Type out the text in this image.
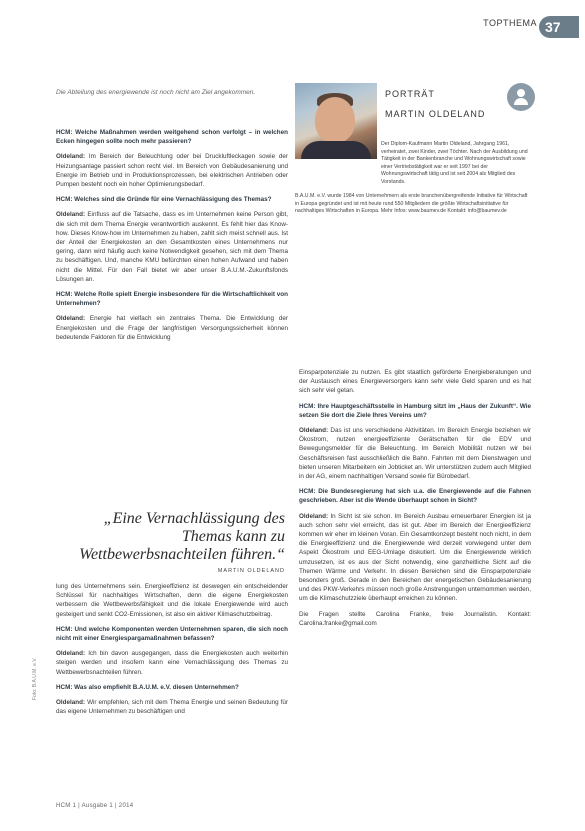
TOPTHEMA 37
Die Abteilung des energiewende ist noch nicht am Ziel angekommen.	PORTRÄT
MARTIN OLDELAND
Der Diplom-Kaufmann Martin Oldeland, Jahrgang 1961, verheiratet, zwei Kinder, zwei Töchter. Nach der Ausbildung und Tätigkeit in der Bankenbranche und Wohnungswirtschaft sowie einer Vertriebstätigkeit war er seit 1997 bei der Wohnungswirtschaft tätig und ist seit 2004 als Mitglied des Vorstands.
B.A.U.M. e.V. wurde 1984 von Unternehmern als erste branchenübergreifende Initiative für Wirtschaft in Europa gegründet und ist mit heute rund 550 Mitgliedern die größte Wirtschaftsinitiative für nachhaltiges Wirtschaften in Europa. Mehr Infos: www.baumev.de Kontakt: info@baumev.de

HCM: Welche Maßnahmen werden weitgehend schon verfolgt – in welchen Ecken hingegen sollte noch mehr passieren?

Oldeland: Im Bereich der Beleuchtung oder bei Druckluftleckagen sowie der Heizungsanlage passiert schon recht viel. Im Bereich von Gebäudesanierung und Energie im Betrieb und in Produktionsprozessen, bei elektrischen Antrieben oder Pumpen besteht noch ein hoher Optimierungsbedarf.

HCM: Welches sind die Gründe für eine Vernachlässigung des Themas?

Oldeland: Einfluss auf die Tatsache, dass es im Unternehmen keine Person gibt, die sich mit dem Thema Energie verantwortlich auskennt. Es fehlt hier das Know-how. Dieses Know-how im Unternehmen zu haben, zahlt sich meist schnell aus. Ist der Anteil der Energiekosten an den Gesamtkosten eines Unternehmens nur gering, dann wird häufig auch keine Notwendigkeit gesehen, sich mit dem Thema zu beschäftigen. Und, manche KMU befürchten einen hohen Aufwand und haben nicht die Mittel. Für den Fall bietet wir aber unser B.A.U.M.-Zukunftsfonds Lösungen an.

HCM: Welche Rolle spielt Energie insbesondere für die Wirtschaftlichkeit von Unternehmen?

Oldeland: Energie hat vielfach ein zentrales Thema. Die Entwicklung der Energiekosten und die Frage der langfristigen Versorgungssicherheit können bedeutende Faktoren für die Entwicklung

„Eine Vernachlässigung des Themas kann zu Wettbewerbsnachteilen führen.“
MARTIN OLDELAND

lung des Unternehmens sein. Energieeffizienz ist deswegen ein entscheidender Schlüssel für nachhaltiges Wirtschaften, denn die eigene Energiekosten verbessern die Wettbewerbsfähigkeit und die lokale Energiewende wird auch gesteigert und senkt CO2-Emissionen, ist also ein aktiver Klimaschutzbeitrag.

HCM: Und welche Komponenten werden Unternehmen sparen, die sich noch nicht mit einer Energiespargamaßnahmen befassen?

Oldeland: Ich bin davon ausgegangen, dass die Energiekosten auch weiterhin steigen werden und insofern kann eine Vernachlässigung des Themas zu Wettbewerbsnachteilen führen.

HCM: Was also empfiehlt B.A.U.M. e.V. diesen Unternehmen?

Oldeland: Wir empfehlen, sich mit dem Thema Energie und seinen Bedeutung für das eigene Unternehmen zu beschäftigen und

Einsparpotenziale zu nutzen. Es gibt staatlich geförderte Energieberatungen und der Austausch eines Energieversorgers kann sehr viele Geld sparen und es hat sich sehr viel getan.

HCM: Ihre Hauptgeschäftsstelle in Hamburg sitzt im „Haus der Zukunft“. Wie setzen Sie dort die Ziele Ihres Vereins um?

Oldeland: Das ist uns verschiedene Aktivitäten. Im Bereich Energie beziehen wir Ökostrom, nutzen energieeffiziente Gerätschaften für die EDV und Bewegungsmelder für die Beleuchtung. Im Bereich Mobilität nutzen wir bei Geschäftsreisen fast ausschließlich die Bahn. Fahrten mit dem Dienstwagen und bieten unseren Mitarbeitern ein Jobticket an. Wir unterstützen zudem auch Mitglied in der AG, einem nachhaltigen Versand sowie für Bürobedarf.

HCM: Die Bundesregierung hat sich u.a. die Energiewende auf die Fahnen geschrieben. Aber ist die Wende überhaupt schon in Sicht?

Oldeland: In Sicht ist sie schon. Im Bereich Ausbau erneuerbarer Energien ist ja auch schon sehr viel erreicht, das ist gut. Aber im Bereich der Energieeffizienz kommen wir eher im kleinen Voran. Ein Gesamtkonzept besteht noch nicht, in dem die Energieeffizienz und die Energiewende wird derzeit vorwiegend unter dem Aspekt Ökostrom und EEG-Umlage diskutiert. Um die Energiewende wirklich umzusetzen, ist es aus der Sicht notwendig, eine ganzheitliche Sicht auf die Themen Wärme und Verkehr. In diesen Bereichen sind die Einsparpotenziale besonders groß. Gerade in den Bereichen der energetischen Gebäudesanierung und des PKW-Verkehrs müssen noch große Anstrengungen unternommen werden, um die Klimaschutzziele überhaupt erreichen zu können.

Die Fragen stellte Carolina Franke, freie Journalistin. Kontakt: Carolina.franke@gmail.com

HCM 1 | Ausgabe 1 | 2014
Foto: B.A.U.M. e.V.
